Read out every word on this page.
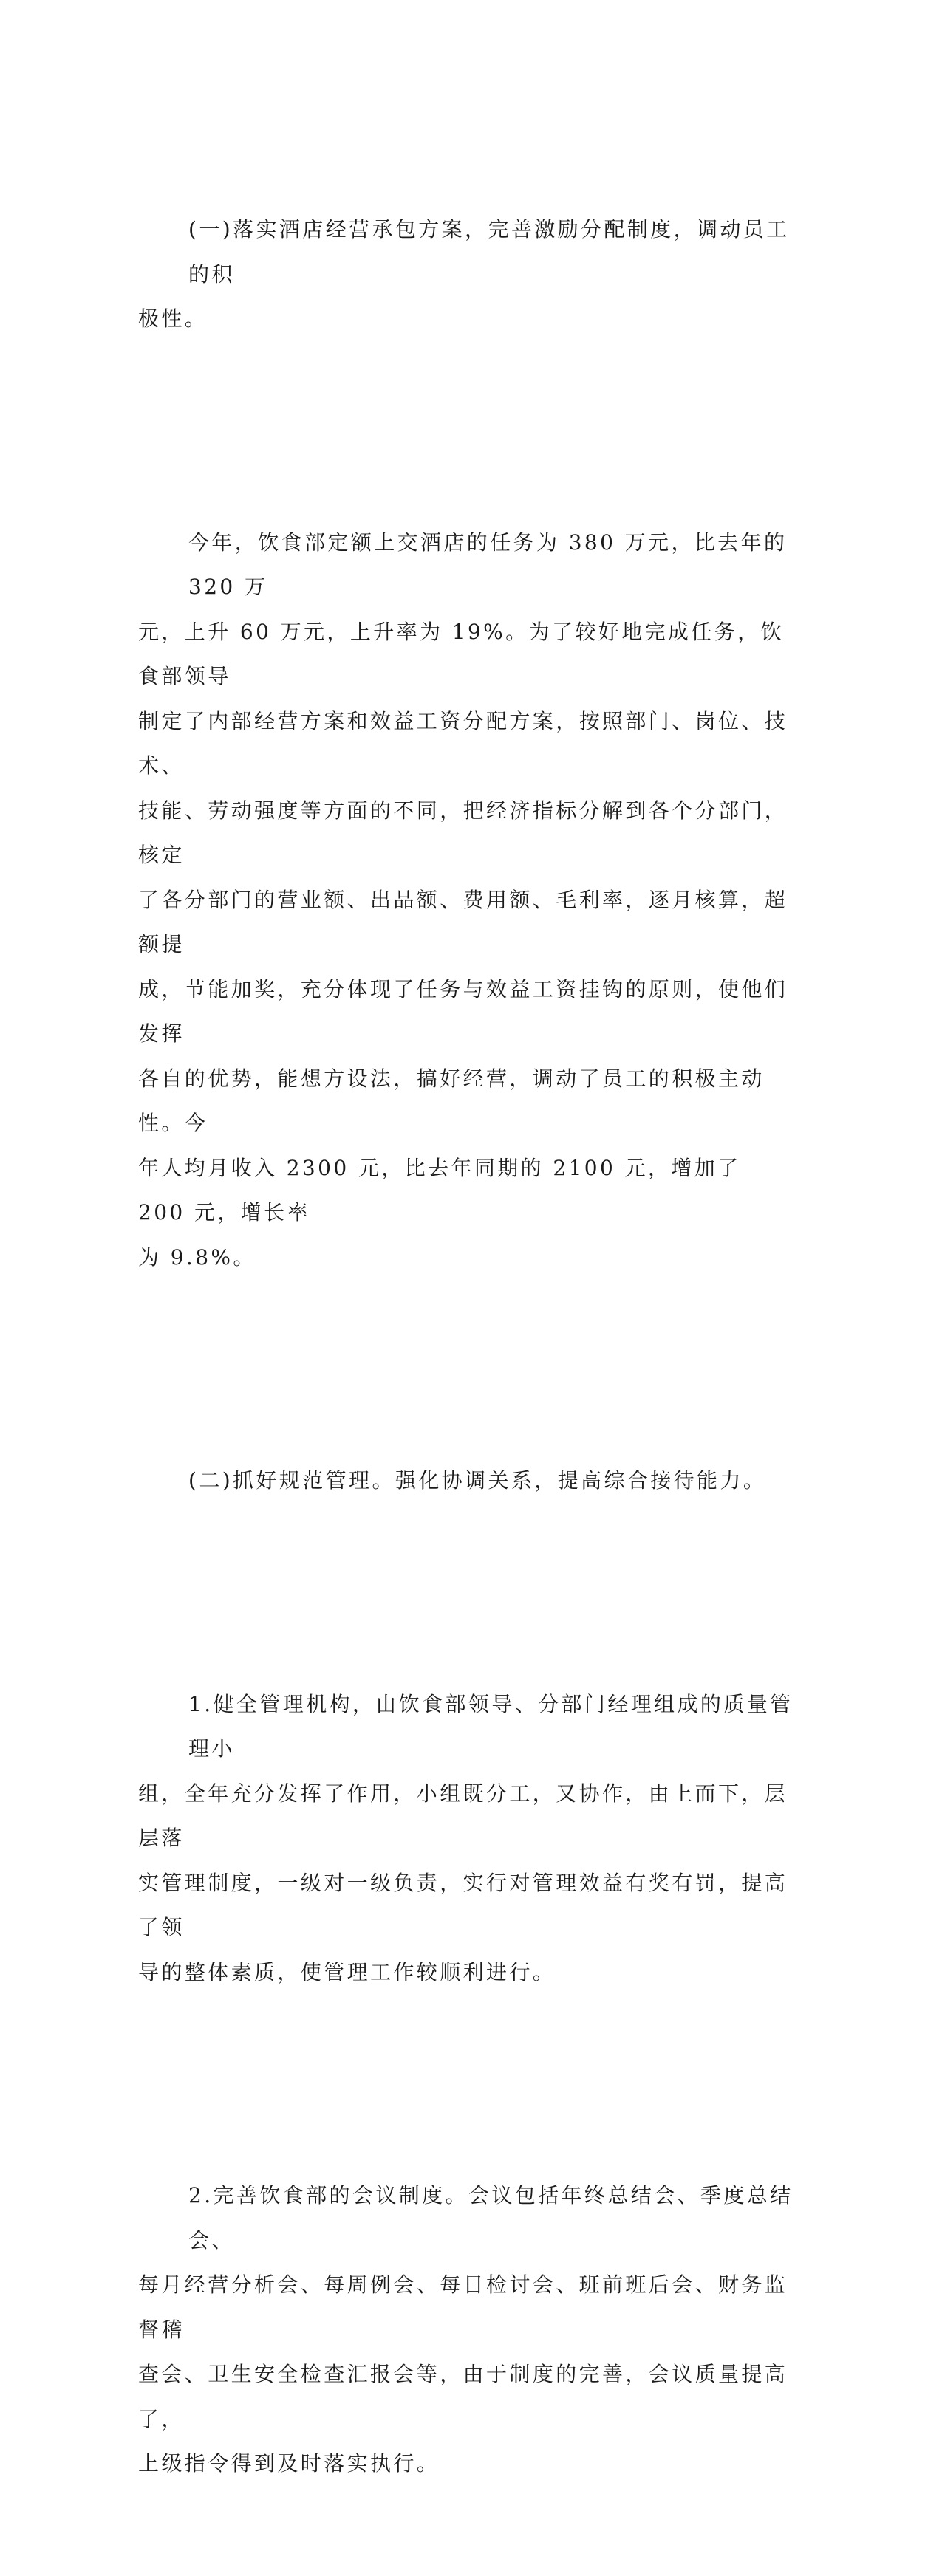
(一)落实酒店经营承包方案，完善激励分配制度，调动员工的积
极性。

今年，饮食部定额上交酒店的任务为 380 万元，比去年的 320 万
元，上升 60 万元，上升率为 19%。为了较好地完成任务，饮食部领导
制定了内部经营方案和效益工资分配方案，按照部门、岗位、技术、
技能、劳动强度等方面的不同，把经济指标分解到各个分部门，核定
了各分部门的营业额、出品额、费用额、毛利率，逐月核算，超额提
成，节能加奖，充分体现了任务与效益工资挂钩的原则，使他们发挥
各自的优势，能想方设法，搞好经营，调动了员工的积极主动性。今
年人均月收入 2300 元，比去年同期的 2100 元，增加了 200 元，增长率
为 9.8%。

(二)抓好规范管理。强化协调关系，提高综合接待能力。

1.健全管理机构，由饮食部领导、分部门经理组成的质量管理小
组，全年充分发挥了作用，小组既分工，又协作，由上而下，层层落
实管理制度，一级对一级负责，实行对管理效益有奖有罚，提高了领
导的整体素质，使管理工作较顺利进行。

2.完善饮食部的会议制度。会议包括年终总结会、季度总结会、
每月经营分析会、每周例会、每日检讨会、班前班后会、财务监督稽
查会、卫生安全检查汇报会等，由于制度的完善，会议质量提高了，
上级指令得到及时落实执行。
